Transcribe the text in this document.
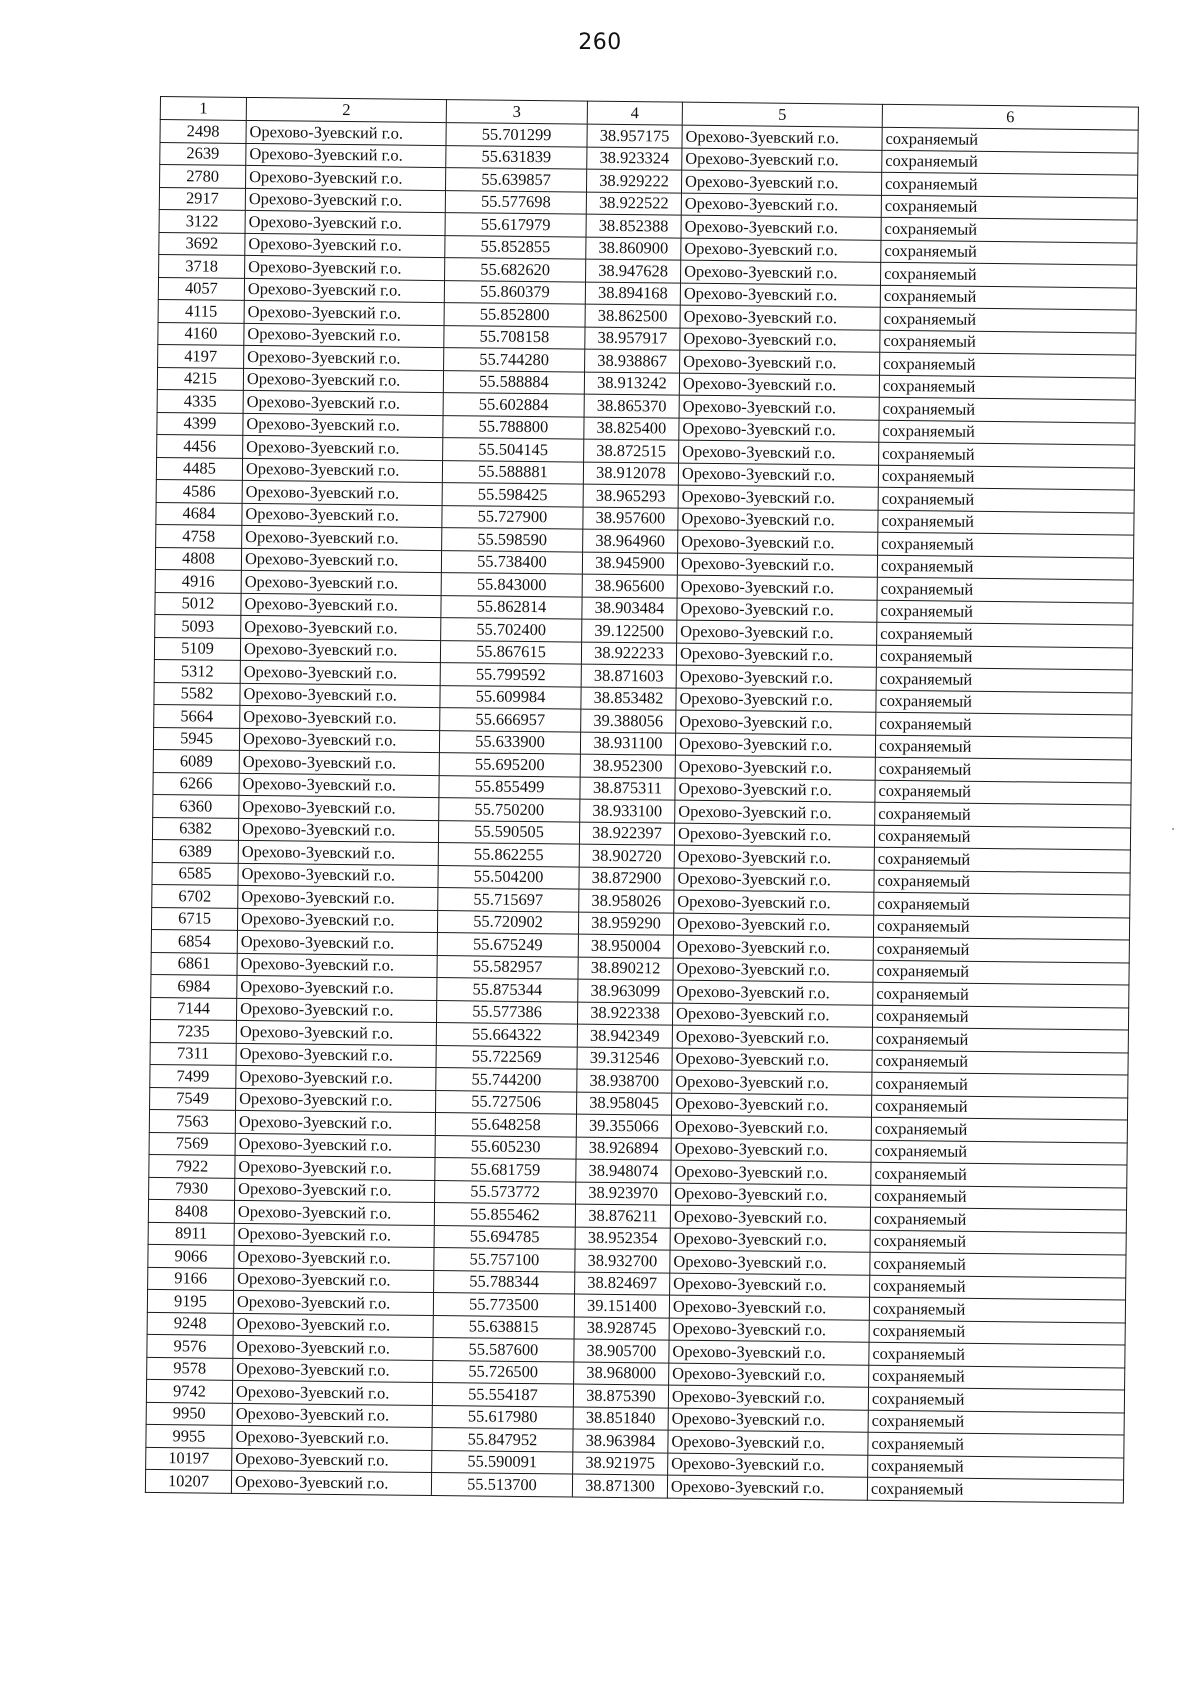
260
1	2	3	4	5	6
2498	Орехово-Зуевский г.о.	55.701299	38.957175	Орехово-Зуевский г.о.	сохраняемый
2639	Орехово-Зуевский г.о.	55.631839	38.923324	Орехово-Зуевский г.о.	сохраняемый
2780	Орехово-Зуевский г.о.	55.639857	38.929222	Орехово-Зуевский г.о.	сохраняемый
2917	Орехово-Зуевский г.о.	55.577698	38.922522	Орехово-Зуевский г.о.	сохраняемый
3122	Орехово-Зуевский г.о.	55.617979	38.852388	Орехово-Зуевский г.о.	сохраняемый
3692	Орехово-Зуевский г.о.	55.852855	38.860900	Орехово-Зуевский г.о.	сохраняемый
3718	Орехово-Зуевский г.о.	55.682620	38.947628	Орехово-Зуевский г.о.	сохраняемый
4057	Орехово-Зуевский г.о.	55.860379	38.894168	Орехово-Зуевский г.о.	сохраняемый
4115	Орехово-Зуевский г.о.	55.852800	38.862500	Орехово-Зуевский г.о.	сохраняемый
4160	Орехово-Зуевский г.о.	55.708158	38.957917	Орехово-Зуевский г.о.	сохраняемый
4197	Орехово-Зуевский г.о.	55.744280	38.938867	Орехово-Зуевский г.о.	сохраняемый
4215	Орехово-Зуевский г.о.	55.588884	38.913242	Орехово-Зуевский г.о.	сохраняемый
4335	Орехово-Зуевский г.о.	55.602884	38.865370	Орехово-Зуевский г.о.	сохраняемый
4399	Орехово-Зуевский г.о.	55.788800	38.825400	Орехово-Зуевский г.о.	сохраняемый
4456	Орехово-Зуевский г.о.	55.504145	38.872515	Орехово-Зуевский г.о.	сохраняемый
4485	Орехово-Зуевский г.о.	55.588881	38.912078	Орехово-Зуевский г.о.	сохраняемый
4586	Орехово-Зуевский г.о.	55.598425	38.965293	Орехово-Зуевский г.о.	сохраняемый
4684	Орехово-Зуевский г.о.	55.727900	38.957600	Орехово-Зуевский г.о.	сохраняемый
4758	Орехово-Зуевский г.о.	55.598590	38.964960	Орехово-Зуевский г.о.	сохраняемый
4808	Орехово-Зуевский г.о.	55.738400	38.945900	Орехово-Зуевский г.о.	сохраняемый
4916	Орехово-Зуевский г.о.	55.843000	38.965600	Орехово-Зуевский г.о.	сохраняемый
5012	Орехово-Зуевский г.о.	55.862814	38.903484	Орехово-Зуевский г.о.	сохраняемый
5093	Орехово-Зуевский г.о.	55.702400	39.122500	Орехово-Зуевский г.о.	сохраняемый
5109	Орехово-Зуевский г.о.	55.867615	38.922233	Орехово-Зуевский г.о.	сохраняемый
5312	Орехово-Зуевский г.о.	55.799592	38.871603	Орехово-Зуевский г.о.	сохраняемый
5582	Орехово-Зуевский г.о.	55.609984	38.853482	Орехово-Зуевский г.о.	сохраняемый
5664	Орехово-Зуевский г.о.	55.666957	39.388056	Орехово-Зуевский г.о.	сохраняемый
5945	Орехово-Зуевский г.о.	55.633900	38.931100	Орехово-Зуевский г.о.	сохраняемый
6089	Орехово-Зуевский г.о.	55.695200	38.952300	Орехово-Зуевский г.о.	сохраняемый
6266	Орехово-Зуевский г.о.	55.855499	38.875311	Орехово-Зуевский г.о.	сохраняемый
6360	Орехово-Зуевский г.о.	55.750200	38.933100	Орехово-Зуевский г.о.	сохраняемый
6382	Орехово-Зуевский г.о.	55.590505	38.922397	Орехово-Зуевский г.о.	сохраняемый
6389	Орехово-Зуевский г.о.	55.862255	38.902720	Орехово-Зуевский г.о.	сохраняемый
6585	Орехово-Зуевский г.о.	55.504200	38.872900	Орехово-Зуевский г.о.	сохраняемый
6702	Орехово-Зуевский г.о.	55.715697	38.958026	Орехово-Зуевский г.о.	сохраняемый
6715	Орехово-Зуевский г.о.	55.720902	38.959290	Орехово-Зуевский г.о.	сохраняемый
6854	Орехово-Зуевский г.о.	55.675249	38.950004	Орехово-Зуевский г.о.	сохраняемый
6861	Орехово-Зуевский г.о.	55.582957	38.890212	Орехово-Зуевский г.о.	сохраняемый
6984	Орехово-Зуевский г.о.	55.875344	38.963099	Орехово-Зуевский г.о.	сохраняемый
7144	Орехово-Зуевский г.о.	55.577386	38.922338	Орехово-Зуевский г.о.	сохраняемый
7235	Орехово-Зуевский г.о.	55.664322	38.942349	Орехово-Зуевский г.о.	сохраняемый
7311	Орехово-Зуевский г.о.	55.722569	39.312546	Орехово-Зуевский г.о.	сохраняемый
7499	Орехово-Зуевский г.о.	55.744200	38.938700	Орехово-Зуевский г.о.	сохраняемый
7549	Орехово-Зуевский г.о.	55.727506	38.958045	Орехово-Зуевский г.о.	сохраняемый
7563	Орехово-Зуевский г.о.	55.648258	39.355066	Орехово-Зуевский г.о.	сохраняемый
7569	Орехово-Зуевский г.о.	55.605230	38.926894	Орехово-Зуевский г.о.	сохраняемый
7922	Орехово-Зуевский г.о.	55.681759	38.948074	Орехово-Зуевский г.о.	сохраняемый
7930	Орехово-Зуевский г.о.	55.573772	38.923970	Орехово-Зуевский г.о.	сохраняемый
8408	Орехово-Зуевский г.о.	55.855462	38.876211	Орехово-Зуевский г.о.	сохраняемый
8911	Орехово-Зуевский г.о.	55.694785	38.952354	Орехово-Зуевский г.о.	сохраняемый
9066	Орехово-Зуевский г.о.	55.757100	38.932700	Орехово-Зуевский г.о.	сохраняемый
9166	Орехово-Зуевский г.о.	55.788344	38.824697	Орехово-Зуевский г.о.	сохраняемый
9195	Орехово-Зуевский г.о.	55.773500	39.151400	Орехово-Зуевский г.о.	сохраняемый
9248	Орехово-Зуевский г.о.	55.638815	38.928745	Орехово-Зуевский г.о.	сохраняемый
9576	Орехово-Зуевский г.о.	55.587600	38.905700	Орехово-Зуевский г.о.	сохраняемый
9578	Орехово-Зуевский г.о.	55.726500	38.968000	Орехово-Зуевский г.о.	сохраняемый
9742	Орехово-Зуевский г.о.	55.554187	38.875390	Орехово-Зуевский г.о.	сохраняемый
9950	Орехово-Зуевский г.о.	55.617980	38.851840	Орехово-Зуевский г.о.	сохраняемый
9955	Орехово-Зуевский г.о.	55.847952	38.963984	Орехово-Зуевский г.о.	сохраняемый
10197	Орехово-Зуевский г.о.	55.590091	38.921975	Орехово-Зуевский г.о.	сохраняемый
10207	Орехово-Зуевский г.о.	55.513700	38.871300	Орехово-Зуевский г.о.	сохраняемый
